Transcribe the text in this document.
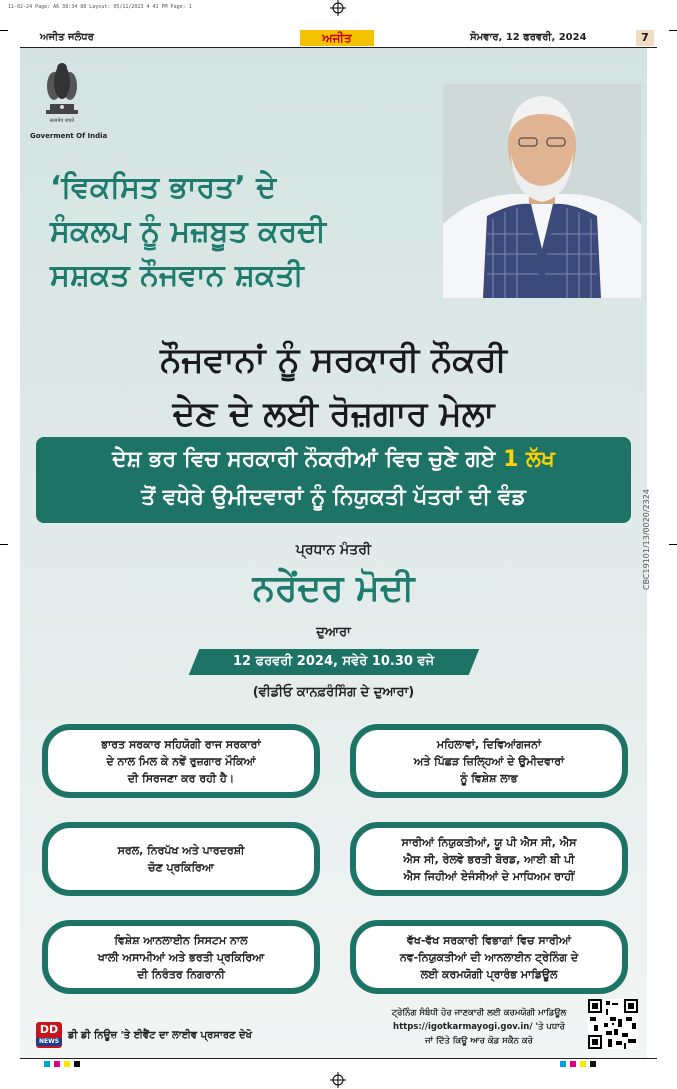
11-02-24 Page: A6 38:34 88 Layout: 05/11/2023 4 41 PM Page: 1
ਅਜੀਤ ਜਲੰਧਰ	ਅਜੀਤ	ਸੋਮਵਾਰ, 12 ਫਰਵਰੀ, 2024	7
सत्यमेव जयते
Goverment Of India
‘ਵਿਕਸਿਤ ਭਾਰਤ’ ਦੇ
ਸੰਕਲਪ ਨੂੰ ਮਜ਼ਬੂਤ ਕਰਦੀ
ਸਸ਼ਕਤ ਨੌਜਵਾਨ ਸ਼ਕਤੀ
ਨੌਜਵਾਨਾਂ ਨੂੰ ਸਰਕਾਰੀ ਨੌਕਰੀ
ਦੇਣ ਦੇ ਲਈ ਰੋਜ਼ਗਾਰ ਮੇਲਾ
ਦੇਸ਼ ਭਰ ਵਿਚ ਸਰਕਾਰੀ ਨੌਕਰੀਆਂ ਵਿਚ ਚੁਣੇ ਗਏ 1 ਲੱਖ
ਤੋਂ ਵਧੇਰੇ ਉਮੀਦਵਾਰਾਂ ਨੂੰ ਨਿਯੁਕਤੀ ਪੱਤਰਾਂ ਦੀ ਵੰਡ
ਪ੍ਰਧਾਨ ਮੰਤਰੀ
ਨਰੇਂਦਰ ਮੋਦੀ
ਦੁਆਰਾ
12 ਫਰਵਰੀ 2024, ਸਵੇਰੇ 10.30 ਵਜੇ
(ਵੀਡੀਓ ਕਾਨਫ਼ਰੰਸਿੰਗ ਦੇ ਦੁਆਰਾ)
ਭਾਰਤ ਸਰਕਾਰ ਸਹਿਯੋਗੀ ਰਾਜ ਸਰਕਾਰਾਂ
ਦੇ ਨਾਲ ਮਿਲ ਕੇ ਨਵੇਂ ਰੁਜ਼ਗਾਰ ਮੌਕਿਆਂ
ਦੀ ਸਿਰਜਣਾ ਕਰ ਰਹੀ ਹੈ।
ਮਹਿਲਾਵਾਂ, ਦਿਵਿਆਂਗਜਨਾਂ
ਅਤੇ ਪਿੱਛੜ ਜ਼ਿਲ੍ਹਿਆਂ ਦੇ ਉਮੀਦਵਾਰਾਂ
ਨੂੰ ਵਿਸ਼ੇਸ਼ ਲਾਭ
ਸਰਲ, ਨਿਰਪੱਖ ਅਤੇ ਪਾਰਦਰਸ਼ੀ
ਚੋਣ ਪ੍ਰਕਿਰਿਆ
ਸਾਰੀਆਂ ਨਿਯੁਕਤੀਆਂ, ਯੂ ਪੀ ਐਸ ਸੀ, ਐਸ
ਐਸ ਸੀ, ਰੇਲਵੇ ਭਰਤੀ ਬੋਰਡ, ਆਈ ਬੀ ਪੀ
ਐਸ ਜਿਹੀਆਂ ਏਜੰਸੀਆਂ ਦੇ ਮਾਧਿਅਮ ਰਾਹੀਂ
ਵਿਸ਼ੇਸ਼ ਆਨਲਾਈਨ ਸਿਸਟਮ ਨਾਲ
ਖਾਲੀ ਅਸਾਮੀਆਂ ਅਤੇ ਭਰਤੀ ਪ੍ਰਕਿਰਿਆ
ਦੀ ਨਿਰੰਤਰ ਨਿਗਰਾਨੀ
ਵੱਖ-ਵੱਖ ਸਰਕਾਰੀ ਵਿਭਾਗਾਂ ਵਿਚ ਸਾਰੀਆਂ
ਨਵ-ਨਿਯੁਕਤੀਆਂ ਦੀ ਆਨਲਾਈਨ ਟ੍ਰੇਨਿੰਗ ਦੇ
ਲਈ ਕਰਮਯੋਗੀ ਪ੍ਰਾਰੰਭ ਮਾਡਿਊਲ
DD
NEWS
ਡੀ ਡੀ ਨਿਊਜ਼ 'ਤੇ ਈਵੈਂਟ ਦਾ ਲਾਈਵ ਪ੍ਰਸਾਰਣ ਦੇਖੋ
ਟ੍ਰੇਨਿੰਗ ਸੰਬੰਧੀ ਹੋਰ ਜਾਣਕਾਰੀ ਲਈ ਕਰਮਯੋਗੀ ਮਾਡਿਊਲ
https://igotkarmayogi.gov.in/ 'ਤੇ ਪਧਾਰੋ
ਜਾਂ ਦਿੱਤੇ ਕਿਊ ਆਰ ਕੋਡ ਸਕੈਨ ਕਰੋ
CBC19101/13/0020/2324
